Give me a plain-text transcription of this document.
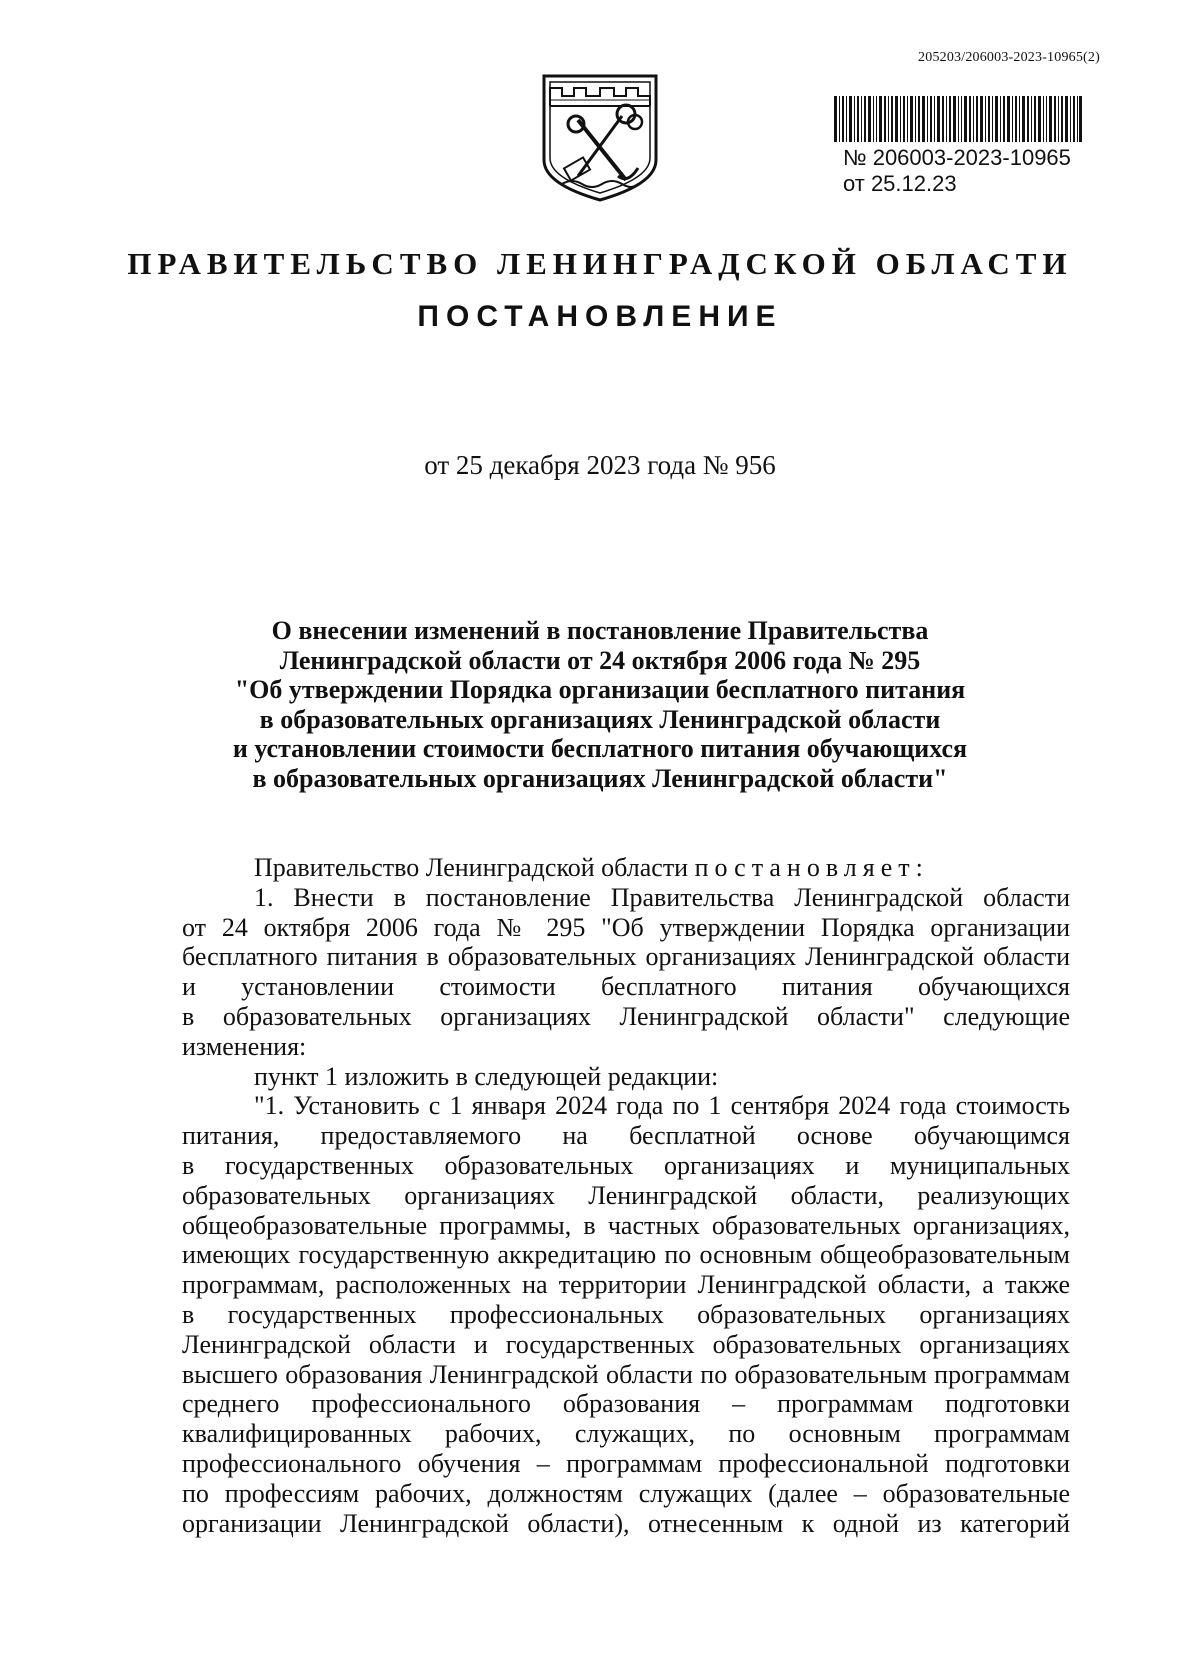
205203/206003-2023-10965(2)
№ 206003-2023-10965
от 25.12.23
ПРАВИТЕЛЬСТВО ЛЕНИНГРАДСКОЙ ОБЛАСТИ
ПОСТАНОВЛЕНИЕ
от 25 декабря 2023 года № 956
О внесении изменений в постановление Правительства
Ленинградской области от 24 октября 2006 года № 295
"Об утверждении Порядка организации бесплатного питания
в образовательных организациях Ленинградской области
и установлении стоимости бесплатного питания обучающихся
в образовательных организациях Ленинградской области"
Правительство Ленинградской области постановляет:
1. Внести в постановление Правительства Ленинградской области
от 24 октября 2006 года № 295 "Об утверждении Порядка организации
бесплатного питания в образовательных организациях Ленинградской области
и установлении стоимости бесплатного питания обучающихся
в образовательных организациях Ленинградской области" следующие
изменения:
пункт 1 изложить в следующей редакции:
"1. Установить с 1 января 2024 года по 1 сентября 2024 года стоимость
питания, предоставляемого на бесплатной основе обучающимся
в государственных образовательных организациях и муниципальных
образовательных организациях Ленинградской области, реализующих
общеобразовательные программы, в частных образовательных организациях,
имеющих государственную аккредитацию по основным общеобразовательным
программам, расположенных на территории Ленинградской области, а также
в государственных профессиональных образовательных организациях
Ленинградской области и государственных образовательных организациях
высшего образования Ленинградской области по образовательным программам
среднего профессионального образования – программам подготовки
квалифицированных рабочих, служащих, по основным программам
профессионального обучения – программам профессиональной подготовки
по профессиям рабочих, должностям служащих (далее – образовательные
организации Ленинградской области), отнесенным к одной из категорий
